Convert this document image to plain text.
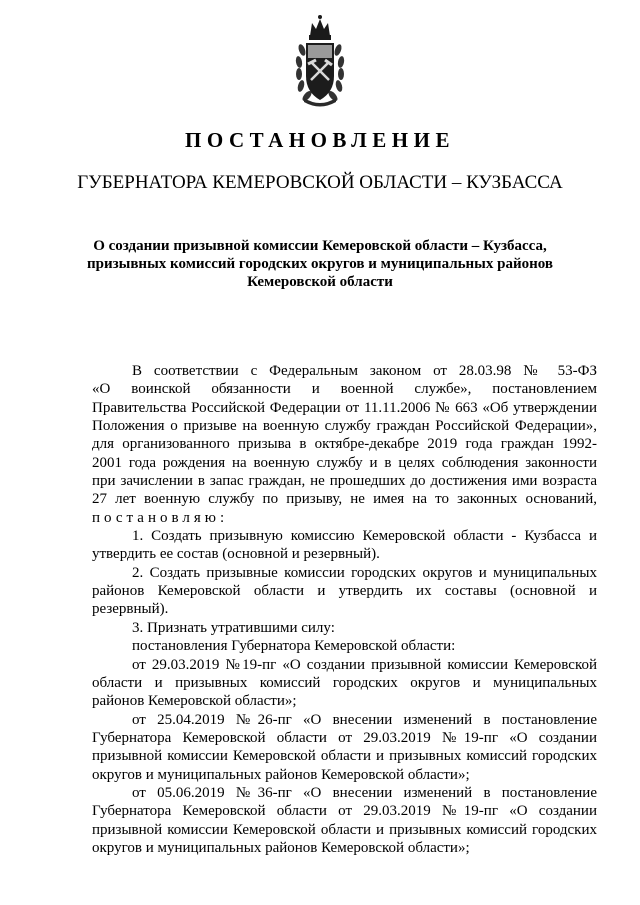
ПОСТАНОВЛЕНИЕ
ГУБЕРНАТОРА КЕМЕРОВСКОЙ ОБЛАСТИ – КУЗБАССА
О создании призывной комиссии Кемеровской области – Кузбасса,
призывных комиссий городских округов и муниципальных районов
Кемеровской области
В соответствии с Федеральным законом от 28.03.98 № 53-ФЗ
«О воинской обязанности и военной службе», постановлением
Правительства Российской Федерации от 11.11.2006 № 663 «Об утверждении
Положения о призыве на военную службу граждан Российской Федерации»,
для организованного призыва в октябре-декабре 2019 года граждан 1992-
2001 года рождения на военную службу и в целях соблюдения законности
при зачислении в запас граждан, не прошедших до достижения ими возраста
27 лет военную службу по призыву, не имея на то законных оснований,
постановляю:
1. Создать призывную комиссию Кемеровской области - Кузбасса и
утвердить ее состав (основной и резервный).
2. Создать призывные комиссии городских округов и муниципальных
районов Кемеровской области и утвердить их составы (основной и
резервный).
3. Признать утратившими силу:
постановления Губернатора Кемеровской области:
от 29.03.2019 №19-пг «О создании призывной комиссии Кемеровской
области и призывных комиссий городских округов и муниципальных
районов Кемеровской области»;
от 25.04.2019 №26-пг «О внесении изменений в постановление
Губернатора Кемеровской области от 29.03.2019 №19-пг «О создании
призывной комиссии Кемеровской области и призывных комиссий городских
округов и муниципальных районов Кемеровской области»;
от 05.06.2019 №36-пг «О внесении изменений в постановление
Губернатора Кемеровской области от 29.03.2019 №19-пг «О создании
призывной комиссии Кемеровской области и призывных комиссий городских
округов и муниципальных районов Кемеровской области»;
